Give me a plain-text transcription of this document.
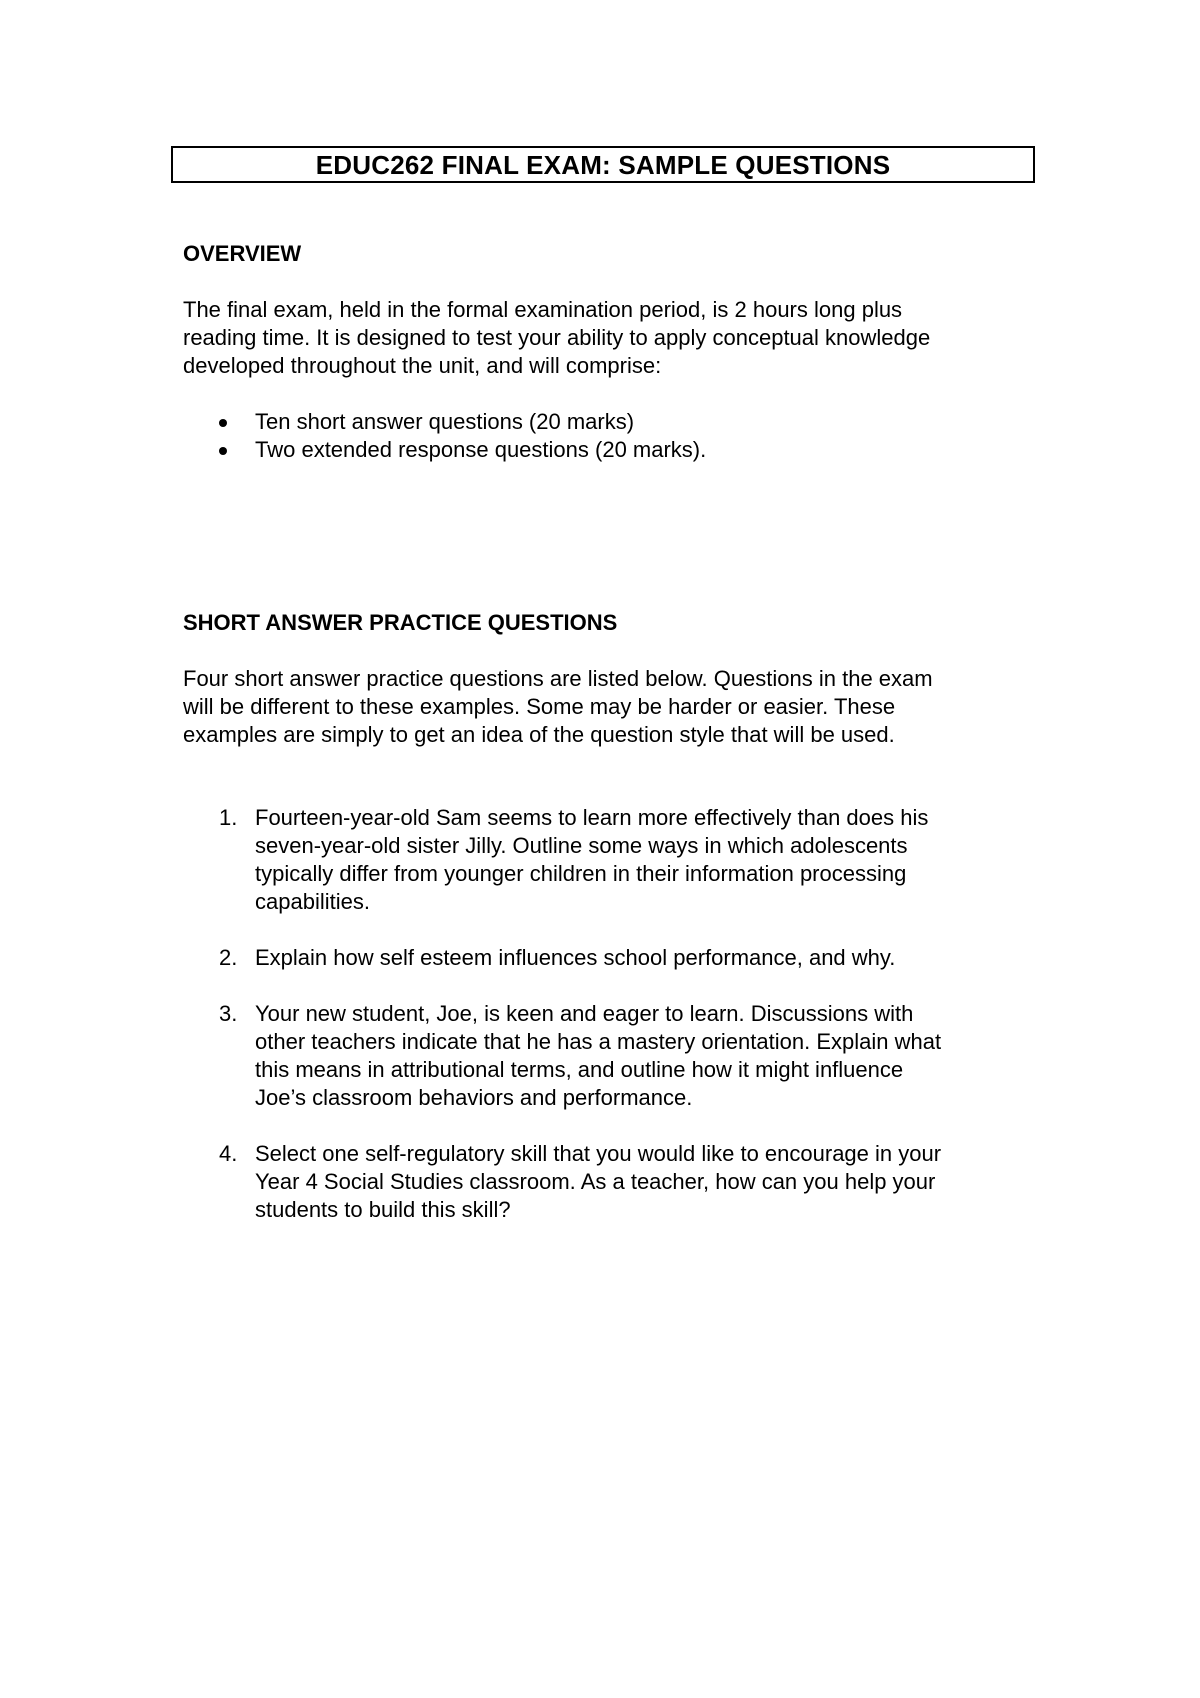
EDUC262 FINAL EXAM: SAMPLE QUESTIONS
OVERVIEW
The final exam, held in the formal examination period, is 2 hours long plus
reading time. It is designed to test your ability to apply conceptual knowledge
developed throughout the unit, and will comprise:
Ten short answer questions (20 marks)
Two extended response questions (20 marks).
SHORT ANSWER PRACTICE QUESTIONS
Four short answer practice questions are listed below. Questions in the exam
will be different to these examples. Some may be harder or easier. These
examples are simply to get an idea of the question style that will be used.
1. Fourteen-year-old Sam seems to learn more effectively than does his
seven-year-old sister Jilly. Outline some ways in which adolescents
typically differ from younger children in their information processing
capabilities.
2. Explain how self esteem influences school performance, and why.
3. Your new student, Joe, is keen and eager to learn. Discussions with
other teachers indicate that he has a mastery orientation. Explain what
this means in attributional terms, and outline how it might influence
Joe’s classroom behaviors and performance.
4. Select one self-regulatory skill that you would like to encourage in your
Year 4 Social Studies classroom. As a teacher, how can you help your
students to build this skill?
